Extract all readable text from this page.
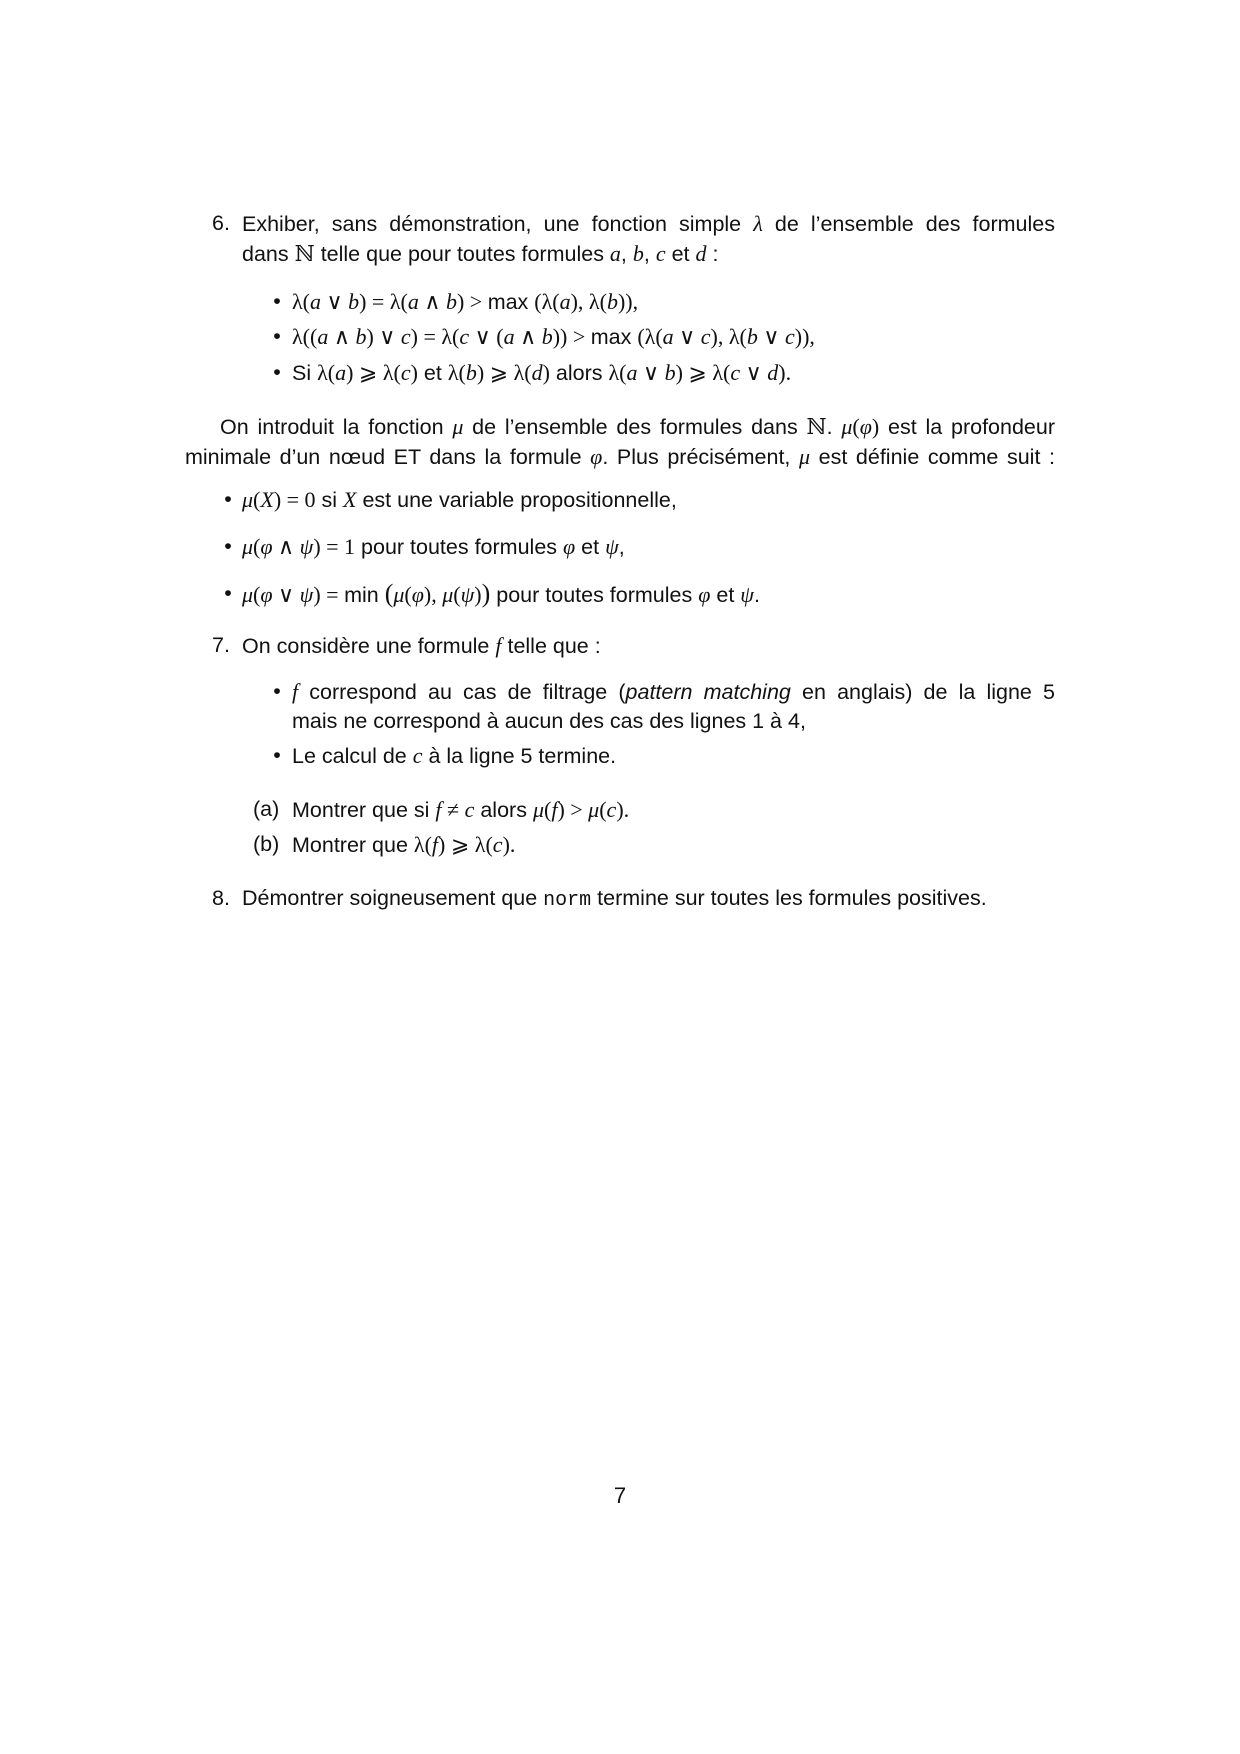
6. Exhiber, sans démonstration, une fonction simple λ de l’ensemble des formules
dans ℕ telle que pour toutes formules a, b, c et d :
• λ(a ∨ b) = λ(a ∧ b) > max (λ(a), λ(b)),
• λ((a ∧ b) ∨ c) = λ(c ∨ (a ∧ b)) > max (λ(a ∨ c), λ(b ∨ c)),
• Si λ(a) ⩾ λ(c) et λ(b) ⩾ λ(d) alors λ(a ∨ b) ⩾ λ(c ∨ d).
On introduit la fonction μ de l’ensemble des formules dans ℕ. μ(φ) est la profondeur
minimale d’un nœud ET dans la formule φ. Plus précisément, μ est définie comme suit :
• μ(X) = 0 si X est une variable propositionnelle,
• μ(φ ∧ ψ) = 1 pour toutes formules φ et ψ,
• μ(φ ∨ ψ) = min (μ(φ), μ(ψ)) pour toutes formules φ et ψ.
7. On considère une formule f telle que :
• f correspond au cas de filtrage (pattern matching en anglais) de la ligne 5
mais ne correspond à aucun des cas des lignes 1 à 4,
• Le calcul de c à la ligne 5 termine.
(a) Montrer que si f ≠ c alors μ(f) > μ(c).
(b) Montrer que λ(f) ⩾ λ(c).
8. Démontrer soigneusement que norm termine sur toutes les formules positives.
7
